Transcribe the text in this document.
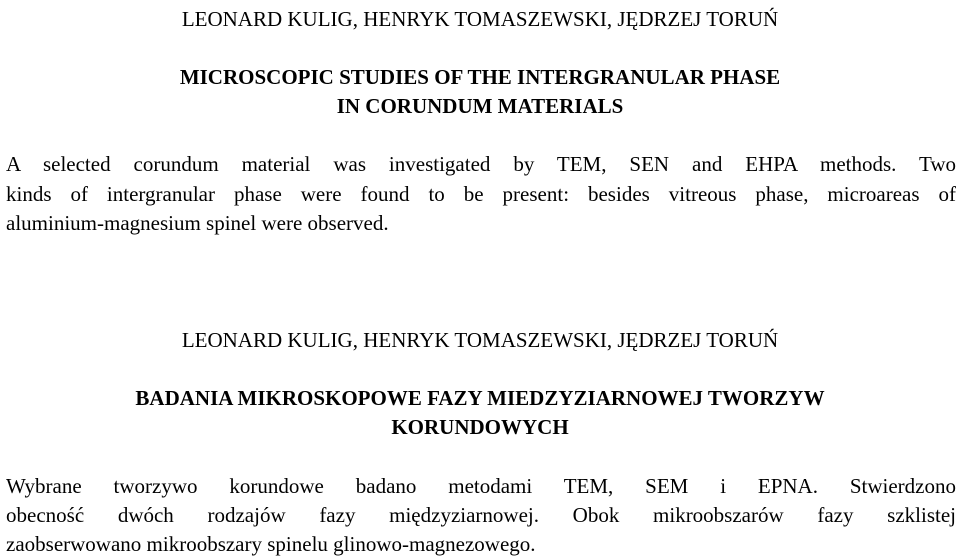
LEONARD KULIG, HENRYK TOMASZEWSKI, JĘDRZEJ TORUŃ
MICROSCOPIC STUDIES OF THE INTERGRANULAR PHASE
IN CORUNDUM MATERIALS
A selected corundum material was investigated by TEM, SEN and EHPA methods. Two
kinds of intergranular phase were found to be present: besides vitreous phase, microareas of
aluminium-magnesium spinel were observed.
LEONARD KULIG, HENRYK TOMASZEWSKI, JĘDRZEJ TORUŃ
BADANIA MIKROSKOPOWE FAZY MIEDZYZIARNOWEJ TWORZYW
KORUNDOWYCH
Wybrane tworzywo korundowe badano metodami TEM, SEM i EPNA. Stwierdzono
obecność dwóch rodzajów fazy międzyziarnowej. Obok mikroobszarów fazy szklistej
zaobserwowano mikroobszary spinelu glinowo-magnezowego.
